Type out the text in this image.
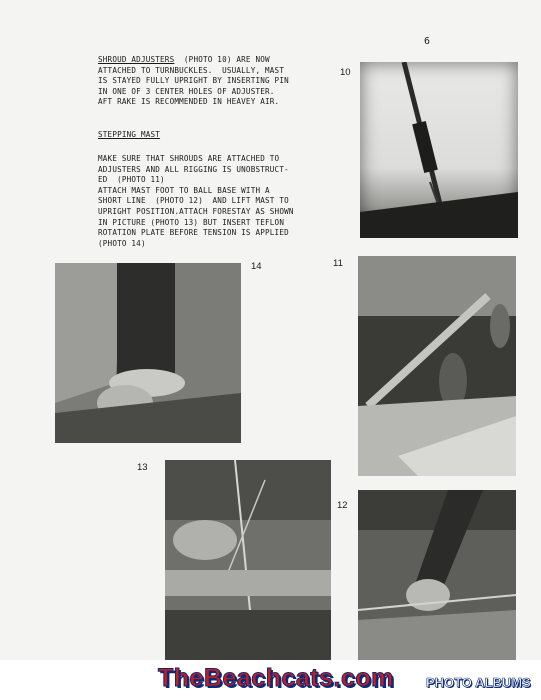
6

SHROUD ADJUSTERS  (PHOTO 10) ARE NOW

ATTACHED TO TURNBUCKLES.  USUALLY, MAST

IS STAYED FULLY UPRIGHT BY INSERTING PIN

IN ONE OF 3 CENTER HOLES OF ADJUSTER.

AFT RAKE IS RECOMMENDED IN HEAVEY AIR.

STEPPING MAST

MAKE SURE THAT SHROUDS ARE ATTACHED TO

ADJUSTERS AND ALL RIGGING IS UNOBSTRUCT-

ED  (PHOTO 11)

ATTACH MAST FOOT TO BALL BASE WITH A

SHORT LINE  (PHOTO 12)  AND LIFT MAST TO

UPRIGHT POSITION.ATTACH FORESTAY AS SHOWN

IN PICTURE (PHOTO 13) BUT INSERT TEFLON

ROTATION PLATE BEFORE TENSION IS APPLIED

(PHOTO 14)

10
11
12
13
14
TheBeachcats.com PHOTO ALBUMS
